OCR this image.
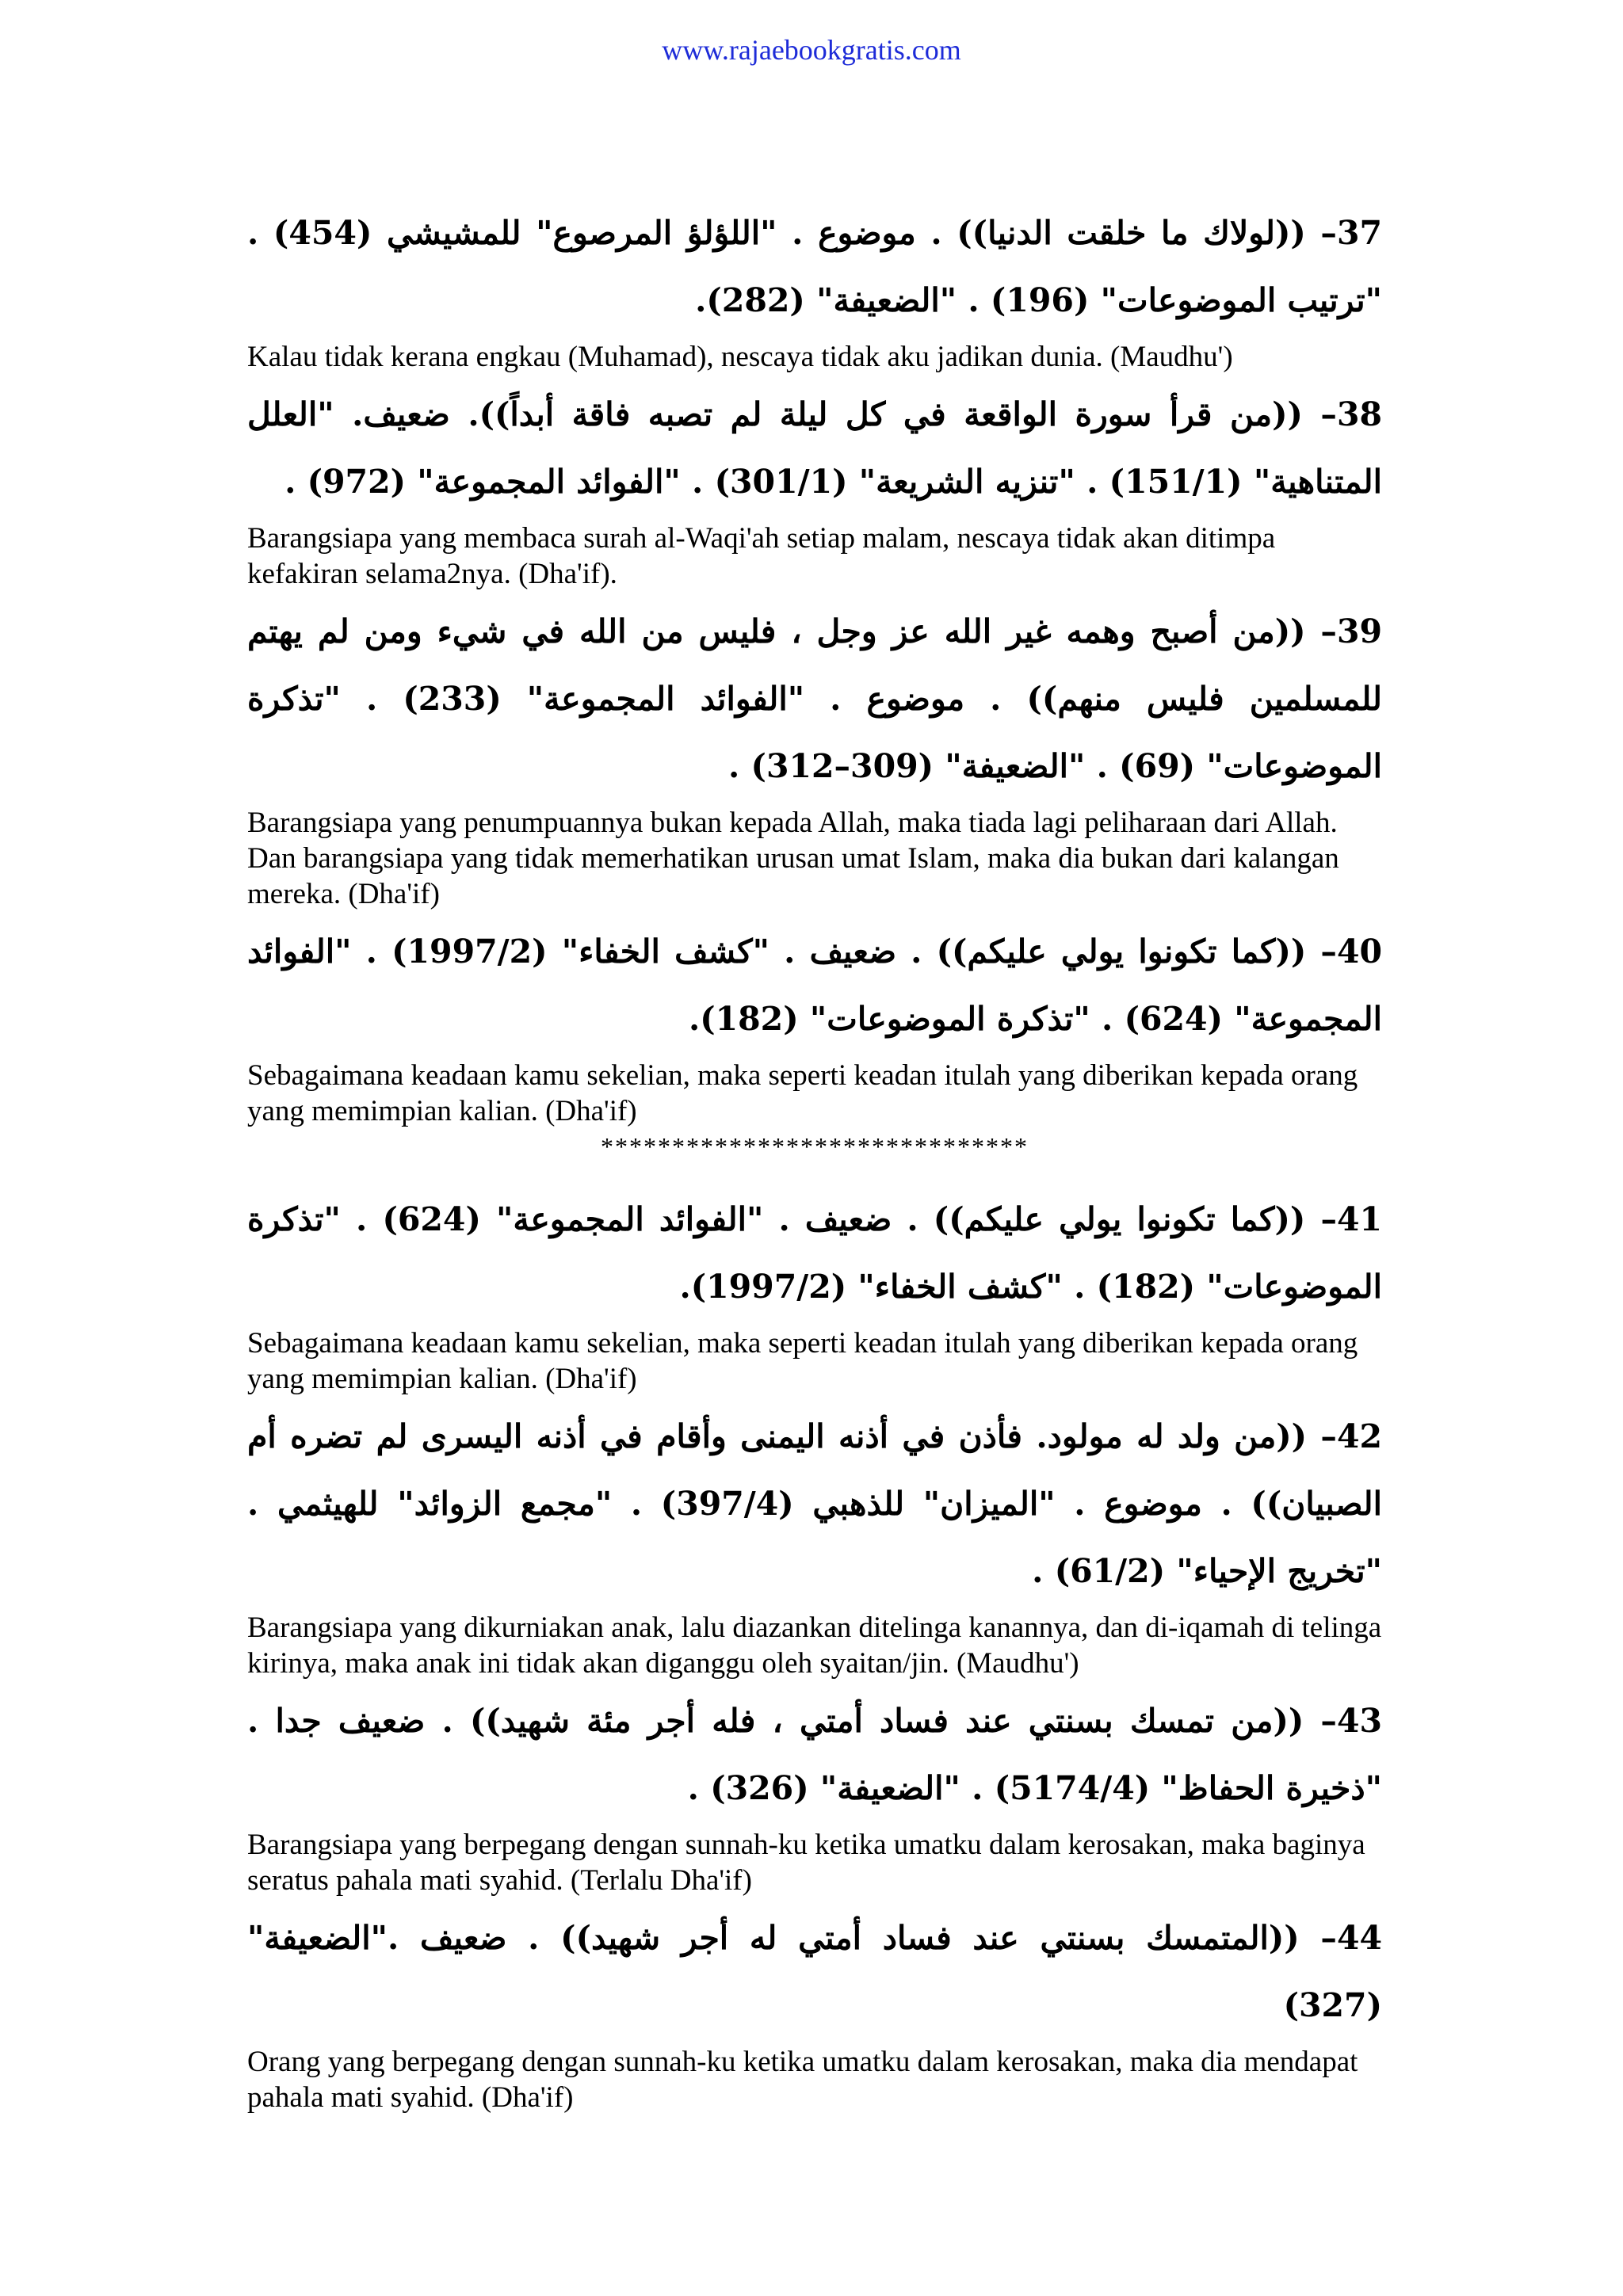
www.rajaebookgratis.com

37– ((لولاك ما خلقت الدنيا)) . موضوع . "اللؤلؤ المرصوع" للمشيشي (454) . "ترتيب الموضوعات" (196) . "الضعيفة" (282).

Kalau tidak kerana engkau (Muhamad), nescaya tidak aku jadikan dunia. (Maudhu')

38– ((من قرأ سورة الواقعة في كل ليلة لم تصبه فاقة أبداً)). ضعيف. "العلل المتناهية" (151/1) . "تنزيه الشريعة" (301/1) . "الفوائد المجموعة" (972) .

Barangsiapa yang membaca surah al-Waqi'ah setiap malam, nescaya tidak akan ditimpa kefakiran selama2nya. (Dha'if).

39– ((من أصبح وهمه غير الله عز وجل ، فليس من الله في شيء ومن لم يهتم للمسلمين فليس منهم)) . موضوع . "الفوائد المجموعة" (233) . "تذكرة الموضوعات" (69) . "الضعيفة" (309–312) .

Barangsiapa yang penumpuannya bukan kepada Allah, maka tiada lagi peliharaan dari Allah. Dan barangsiapa yang tidak memerhatikan urusan umat Islam, maka dia bukan dari kalangan mereka. (Dha'if)

40– ((كما تكونوا يولي عليكم)) . ضعيف . "كشف الخفاء" (1997/2) . "الفوائد المجموعة" (624) . "تذكرة الموضوعات" (182).

Sebagaimana keadaan kamu sekelian, maka seperti keadan itulah yang diberikan kepada orang yang memimpian kalian. (Dha'if)

******************************

41– ((كما تكونوا يولي عليكم)) . ضعيف . "الفوائد المجموعة" (624) . "تذكرة الموضوعات" (182) . "كشف الخفاء" (1997/2).

Sebagaimana keadaan kamu sekelian, maka seperti keadan itulah yang diberikan kepada orang yang memimpian kalian. (Dha'if)

42– ((من ولد له مولود. فأذن في أذنه اليمنى وأقام في أذنه اليسرى لم تضره أم الصبيان)) . موضوع . "الميزان" للذهبي (397/4) . "مجمع الزوائد" للهيثمي . "تخريج الإحياء" (61/2) .

Barangsiapa yang dikurniakan anak, lalu diazankan ditelinga kanannya, dan di-iqamah di telinga kirinya, maka anak ini tidak akan diganggu oleh syaitan/jin. (Maudhu')

43– ((من تمسك بسنتي عند فساد أمتي ، فله أجر مئة شهيد)) . ضعيف جدا . "ذخيرة الحفاظ" (5174/4) . "الضعيفة" (326) .

Barangsiapa yang berpegang dengan sunnah-ku ketika umatku dalam kerosakan, maka baginya seratus pahala mati syahid. (Terlalu Dha'if)

44– ((المتمسك بسنتي عند فساد أمتي له أجر شهيد)) . ضعيف ."الضعيفة" (327)

Orang yang berpegang dengan sunnah-ku ketika umatku dalam kerosakan, maka dia mendapat pahala mati syahid. (Dha'if)
